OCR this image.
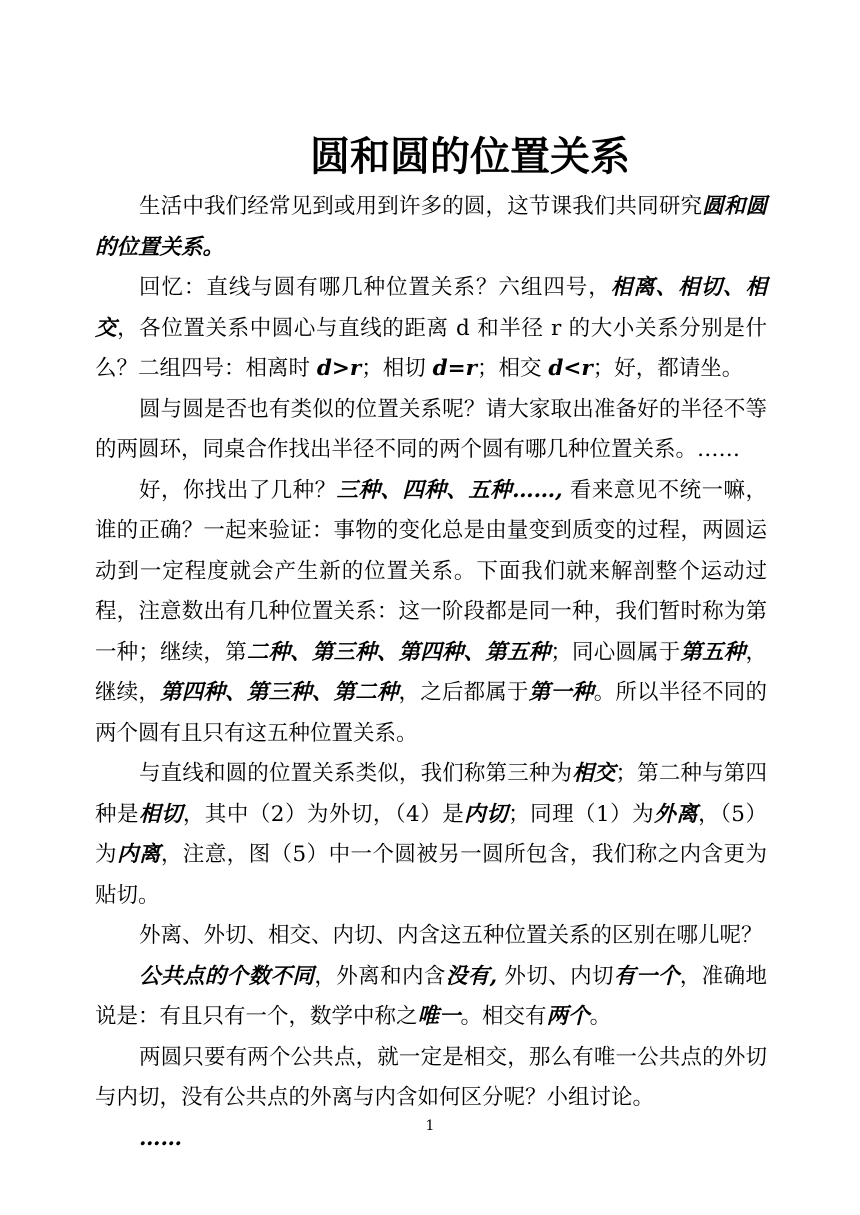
圆和圆的位置关系

生活中我们经常见到或用到许多的圆，这节课我们共同研究圆和圆的位置关系。

回忆：直线与圆有哪几种位置关系？六组四号，相离、相切、相交，各位置关系中圆心与直线的距离 d 和半径 r 的大小关系分别是什么？二组四号：相离时 d>r；相切 d=r；相交 d<r；好，都请坐。

圆与圆是否也有类似的位置关系呢？请大家取出准备好的半径不等的两圆环，同桌合作找出半径不同的两个圆有哪几种位置关系。……

好，你找出了几种？三种、四种、五种……, 看来意见不统一嘛，谁的正确？一起来验证：事物的变化总是由量变到质变的过程，两圆运动到一定程度就会产生新的位置关系。下面我们就来解剖整个运动过程，注意数出有几种位置关系：这一阶段都是同一种，我们暂时称为第一种；继续，第二种、第三种、第四种、第五种；同心圆属于第五种，继续，第四种、第三种、第二种，之后都属于第一种。所以半径不同的两个圆有且只有这五种位置关系。

与直线和圆的位置关系类似，我们称第三种为相交；第二种与第四种是相切，其中（2）为外切，（4）是内切；同理（1）为外离，（5）为内离，注意，图（5）中一个圆被另一圆所包含，我们称之内含更为贴切。

外离、外切、相交、内切、内含这五种位置关系的区别在哪儿呢？

公共点的个数不同，外离和内含没有, 外切、内切有一个，准确地说是：有且只有一个，数学中称之唯一。相交有两个。

两圆只要有两个公共点，就一定是相交，那么有唯一公共点的外切与内切，没有公共点的外离与内含如何区分呢？小组讨论。

……	1
